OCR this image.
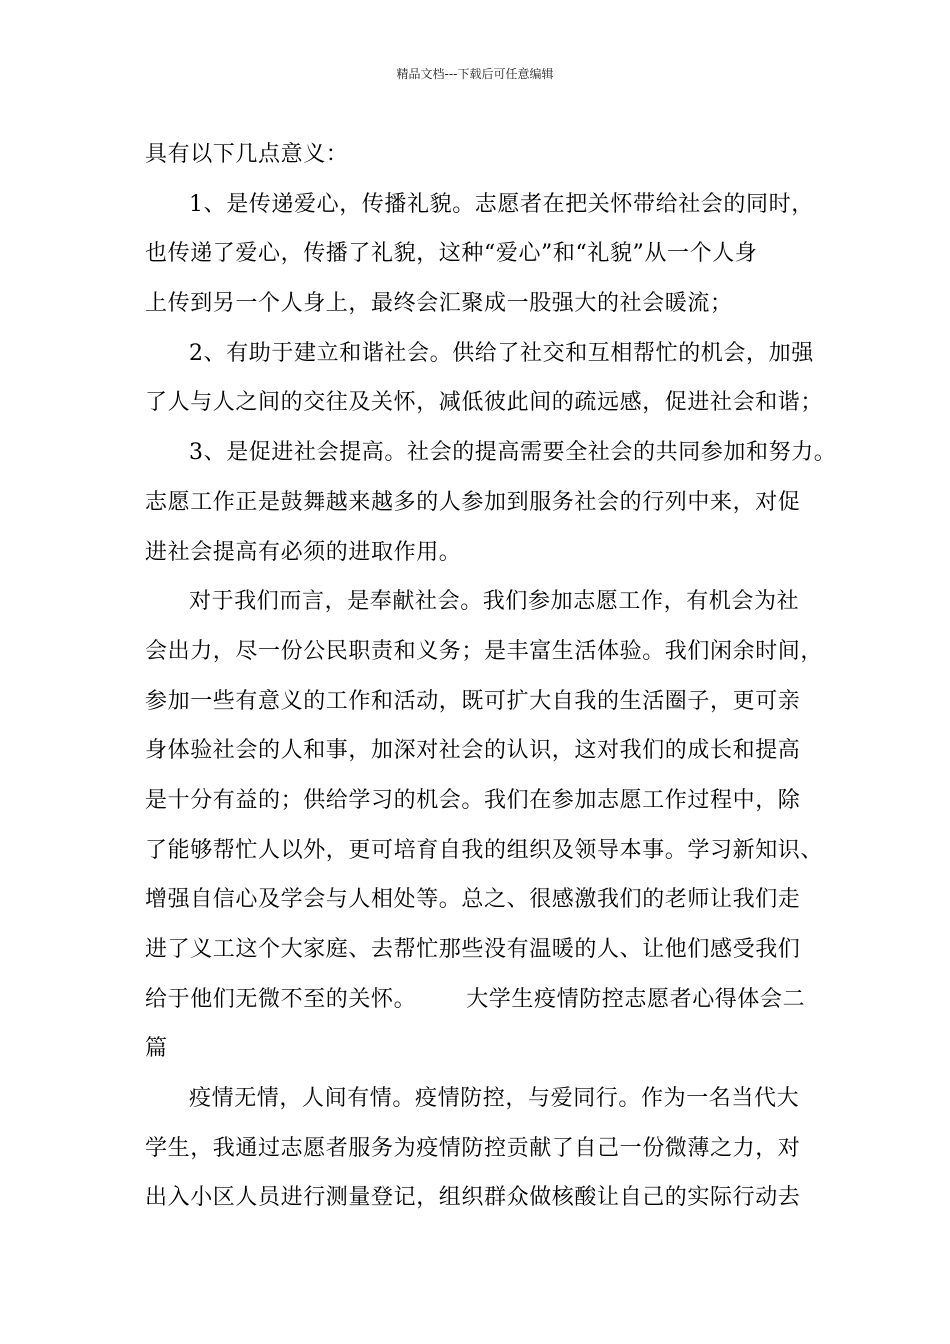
精品文档---下载后可任意编辑
具有以下几点意义：
1、是传递爱心，传播礼貌。志愿者在把关怀带给社会的同时，
也传递了爱心，传播了礼貌，这种“爱心”和“礼貌”从一个人身
上传到另一个人身上，最终会汇聚成一股强大的社会暖流；
2、有助于建立和谐社会。供给了社交和互相帮忙的机会，加强
了人与人之间的交往及关怀，减低彼此间的疏远感，促进社会和谐；
3、是促进社会提高。社会的提高需要全社会的共同参加和努力。
志愿工作正是鼓舞越来越多的人参加到服务社会的行列中来，对促
进社会提高有必须的进取作用。
对于我们而言，是奉献社会。我们参加志愿工作，有机会为社
会出力，尽一份公民职责和义务；是丰富生活体验。我们闲余时间，
参加一些有意义的工作和活动，既可扩大自我的生活圈子，更可亲
身体验社会的人和事，加深对社会的认识，这对我们的成长和提高
是十分有益的；供给学习的机会。我们在参加志愿工作过程中，除
了能够帮忙人以外，更可培育自我的组织及领导本事。学习新知识、
增强自信心及学会与人相处等。总之、很感激我们的老师让我们走
进了义工这个大家庭、去帮忙那些没有温暖的人、让他们感受我们
给于他们无微不至的关怀。 大学生疫情防控志愿者心得体会二
篇
疫情无情，人间有情。疫情防控，与爱同行。作为一名当代大
学生，我通过志愿者服务为疫情防控贡献了自己一份微薄之力，对
出入小区人员进行测量登记，组织群众做核酸让自己的实际行动去
